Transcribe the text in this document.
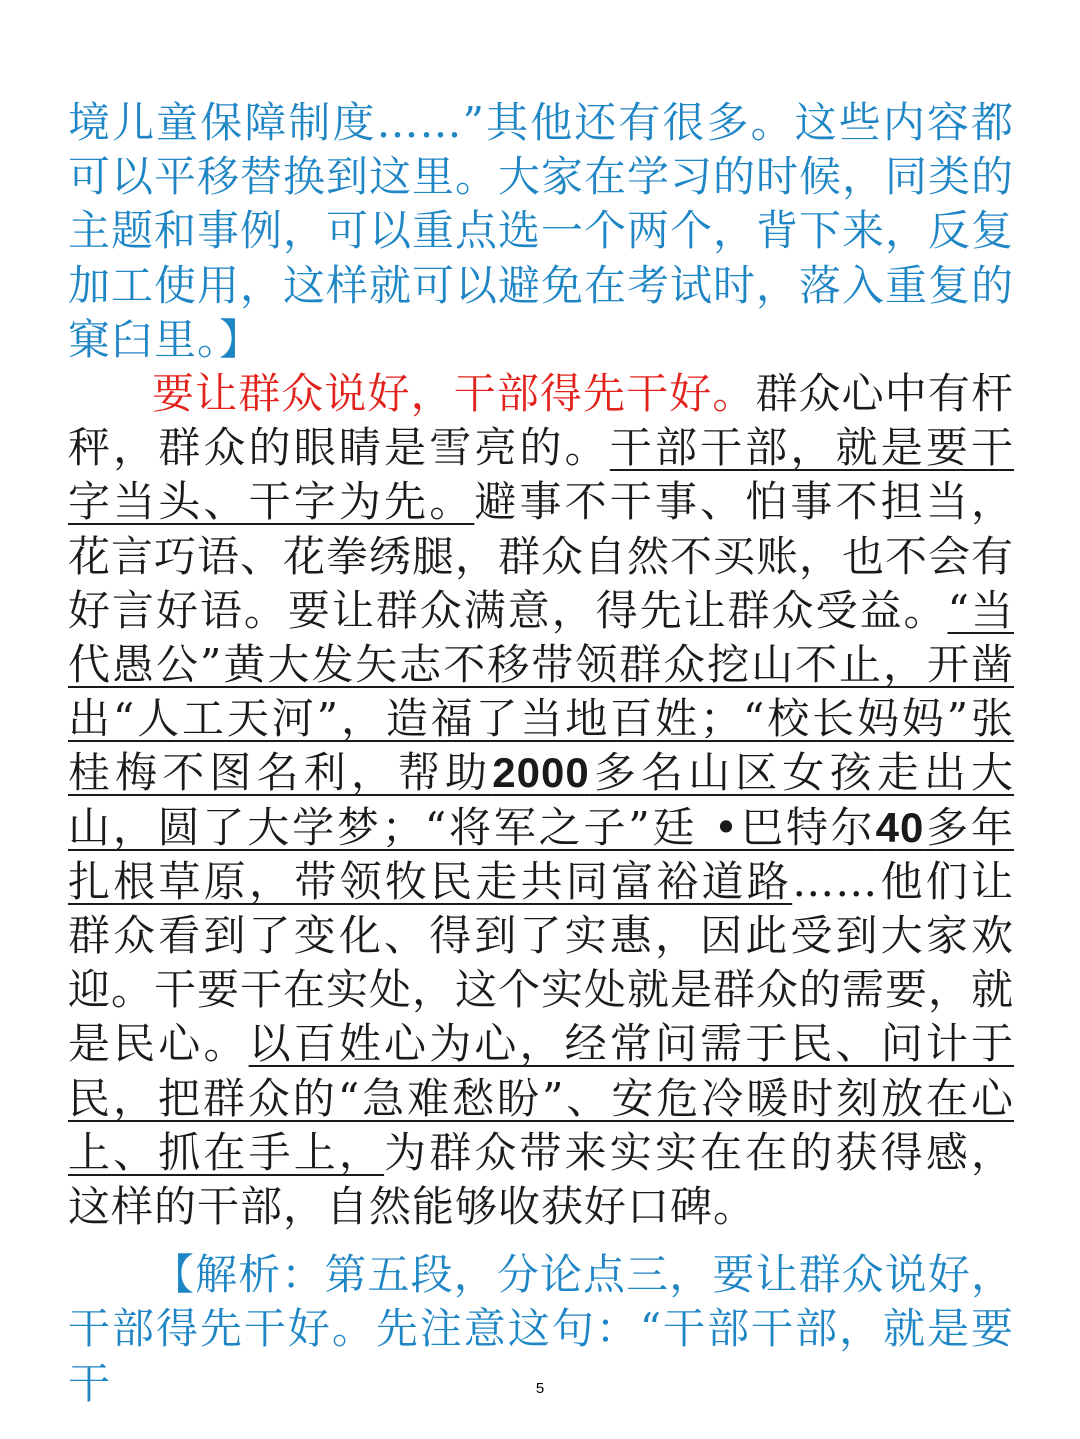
境儿童保障制度……”其他还有很多。这些内容都可以平移替换到这里。大家在学习的时候，同类的主题和事例，可以重点选一个两个，背下来，反复加工使用，这样就可以避免在考试时，落入重复的窠臼里。】

要让群众说好，干部得先干好。群众心中有杆秤，群众的眼睛是雪亮的。干部干部，就是要干字当头、干字为先。避事不干事、怕事不担当，花言巧语、花拳绣腿，群众自然不买账，也不会有好言好语。要让群众满意，得先让群众受益。“当代愚公”黄大发矢志不移带领群众挖山不止，开凿出“人工天河”，造福了当地百姓；“校长妈妈”张桂梅不图名利，帮助2000多名山区女孩走出大山，圆了大学梦；“将军之子”廷 •巴特尔40多年扎根草原，带领牧民走共同富裕道路……他们让群众看到了变化、得到了实惠，因此受到大家欢迎。干要干在实处，这个实处就是群众的需要，就是民心。以百姓心为心，经常问需于民、问计于民，把群众的“急难愁盼”、安危冷暖时刻放在心上、抓在手上，为群众带来实实在在的获得感，这样的干部，自然能够收获好口碑。

【解析：第五段，分论点三，要让群众说好，干部得先干好。先注意这句：“干部干部，就是要干	5
